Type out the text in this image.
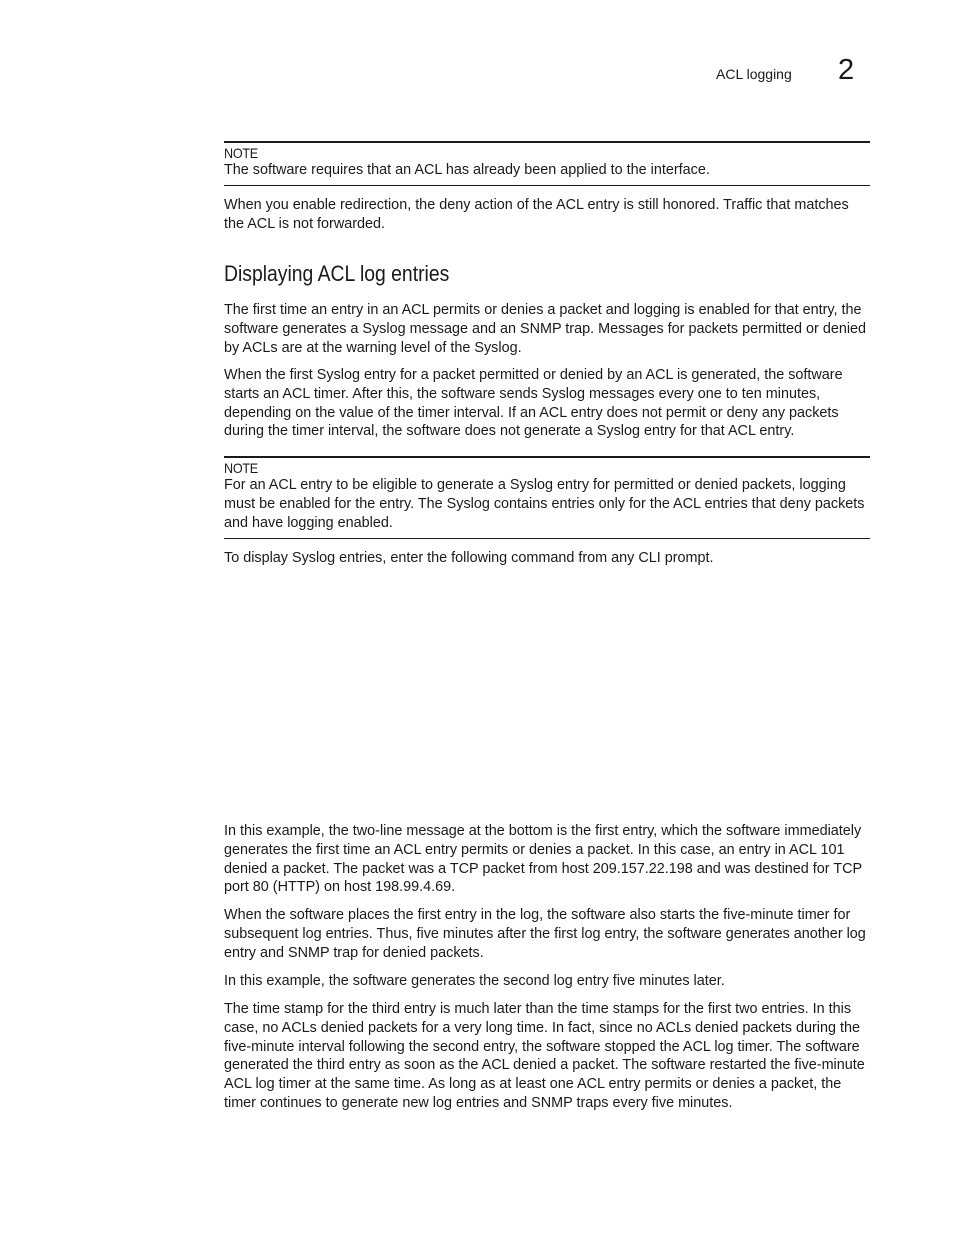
ACL logging 2
NOTE
The software requires that an ACL has already been applied to the interface.

When you enable redirection, the deny action of the ACL entry is still honored. Traffic that matches the ACL is not forwarded.

Displaying ACL log entries

The first time an entry in an ACL permits or denies a packet and logging is enabled for that entry, the software generates a Syslog message and an SNMP trap. Messages for packets permitted or denied by ACLs are at the warning level of the Syslog.

When the first Syslog entry for a packet permitted or denied by an ACL is generated, the software starts an ACL timer. After this, the software sends Syslog messages every one to ten minutes, depending on the value of the timer interval. If an ACL entry does not permit or deny any packets during the timer interval, the software does not generate a Syslog entry for that ACL entry.

NOTE
For an ACL entry to be eligible to generate a Syslog entry for permitted or denied packets, logging must be enabled for the entry. The Syslog contains entries only for the ACL entries that deny packets and have logging enabled.

To display Syslog entries, enter the following command from any CLI prompt.

In this example, the two-line message at the bottom is the first entry, which the software immediately generates the first time an ACL entry permits or denies a packet. In this case, an entry in ACL 101 denied a packet. The packet was a TCP packet from host 209.157.22.198 and was destined for TCP port 80 (HTTP) on host 198.99.4.69.

When the software places the first entry in the log, the software also starts the five-minute timer for subsequent log entries. Thus, five minutes after the first log entry, the software generates another log entry and SNMP trap for denied packets.

In this example, the software generates the second log entry five minutes later.

The time stamp for the third entry is much later than the time stamps for the first two entries. In this case, no ACLs denied packets for a very long time. In fact, since no ACLs denied packets during the five-minute interval following the second entry, the software stopped the ACL log timer. The software generated the third entry as soon as the ACL denied a packet. The software restarted the five-minute ACL log timer at the same time. As long as at least one ACL entry permits or denies a packet, the timer continues to generate new log entries and SNMP traps every five minutes.
